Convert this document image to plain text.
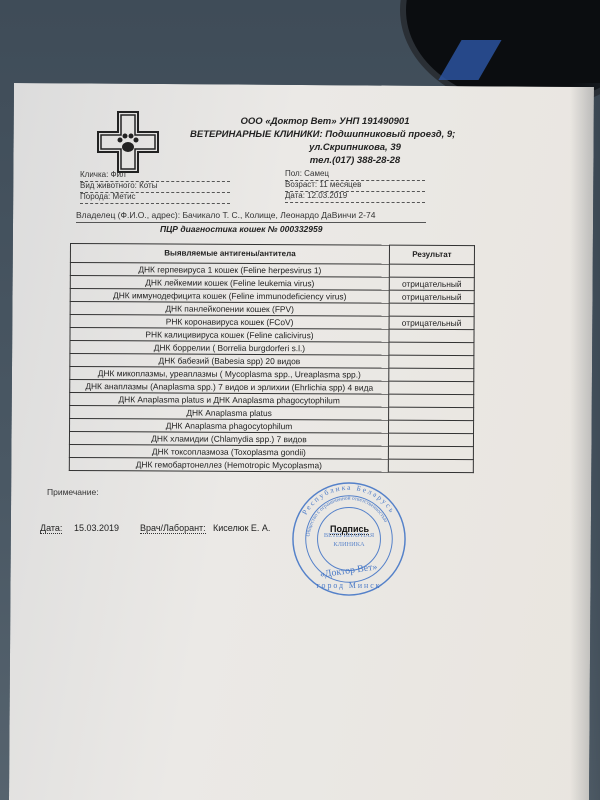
ООО «Доктор Вет» УНП 191490901
ВЕТЕРИНАРНЫЕ КЛИНИКИ: Подшипниковый проезд, 9;
ул.Скрипникова, 39
тел.(017) 388-28-28
Кличка: Фил
Вид животного: Коты
Порода: Метис
Пол: Самец
Возраст: 11 месяцев
Дата: 12.03.2019
Владелец (Ф.И.О., адрес): Бачикало Т. С., Колище, Леонардо ДаВинчи 2-74
ПЦР диагностика кошек № 000332959
Выявляемые антигены/антитела	Результат
ДНК герпевируса 1 кошек (Feline herpesvirus 1)	
ДНК лейкемии кошек (Feline leukemia virus)	отрицательный
ДНК иммунодефицита кошек (Feline immunodeficiency virus)	отрицательный
ДНК панлейкопении кошек (FPV)	
РНК коронавируса кошек (FCoV)	отрицательный
РНК калицивируса кошек (Feline calicivirus)	
ДНК боррелии ( Borrelia burgdorferi s.l.)	
ДНК бабезий (Babesia spp) 20 видов	
ДНК микоплазмы, уреаплазмы ( Mycoplasma spp., Ureaplasma spp.)	
ДНК анаплазмы (Anaplasma spp.) 7 видов и эрлихии (Ehrlichia spp) 4 вида	
ДНК Anaplasma platus и ДНК Anaplasma phagocytophilum	
ДНК Anaplasma platus	
ДНК Anaplasma phagocytophilum	
ДНК хламидии (Chlamydia spp.) 7 видов	
ДНК токсоплазмоза (Toxoplasma gondii)	
ДНК гемобартонеллез (Hemotropic Mycoplasma)	
Примечание:
Дата: 15.03.2019 Врач/Лаборант: Киселюк Е. А.
Республика Беларусь
Общество с ограниченной ответственностью
ВЕТЕРИНАРНАЯ
КЛИНИКА
«Доктор Вет»
город Минск
Подпись
